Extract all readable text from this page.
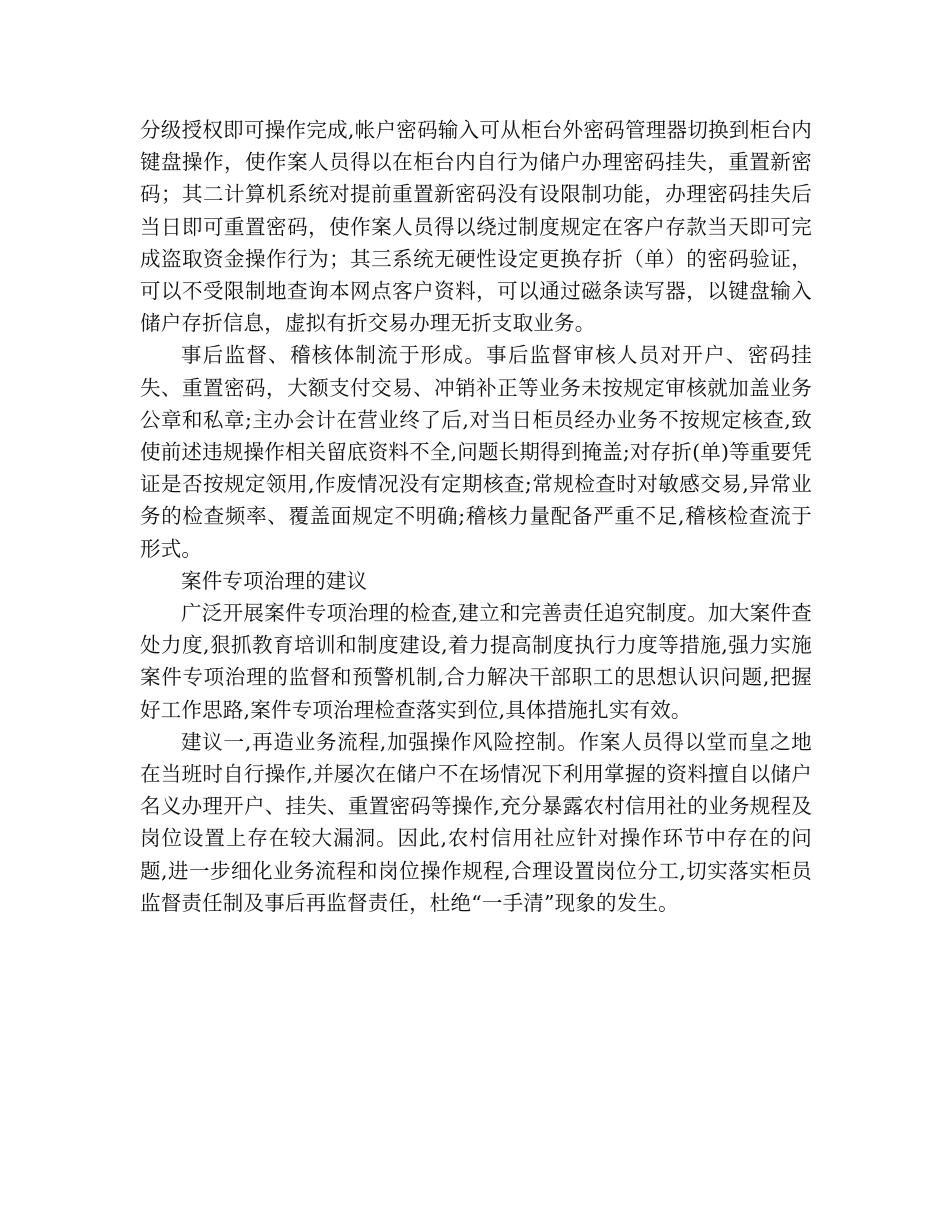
分级授权即可操作完成,帐户密码输入可从柜台外密码管理器切换到柜台内键盘操作，使作案人员得以在柜台内自行为储户办理密码挂失，重置新密码；其二计算机系统对提前重置新密码没有设限制功能，办理密码挂失后当日即可重置密码，使作案人员得以绕过制度规定在客户存款当天即可完成盗取资金操作行为；其三系统无硬性设定更换存折（单）的密码验证，可以不受限制地查询本网点客户资料，可以通过磁条读写器，以键盘输入储户存折信息，虚拟有折交易办理无折支取业务。

事后监督、稽核体制流于形成。事后监督审核人员对开户、密码挂失、重置密码，大额支付交易、冲销补正等业务未按规定审核就加盖业务公章和私章;主办会计在营业终了后,对当日柜员经办业务不按规定核查,致使前述违规操作相关留底资料不全,问题长期得到掩盖;对存折(单)等重要凭证是否按规定领用,作废情况没有定期核查;常规检查时对敏感交易,异常业务的检查频率、覆盖面规定不明确;稽核力量配备严重不足,稽核检查流于形式。

案件专项治理的建议

广泛开展案件专项治理的检查,建立和完善责任追究制度。加大案件查处力度,狠抓教育培训和制度建设,着力提高制度执行力度等措施,强力实施案件专项治理的监督和预警机制,合力解决干部职工的思想认识问题,把握好工作思路,案件专项治理检查落实到位,具体措施扎实有效。

建议一,再造业务流程,加强操作风险控制。作案人员得以堂而皇之地在当班时自行操作,并屡次在储户不在场情况下利用掌握的资料擅自以储户名义办理开户、挂失、重置密码等操作,充分暴露农村信用社的业务规程及岗位设置上存在较大漏洞。因此,农村信用社应针对操作环节中存在的问题,进一步细化业务流程和岗位操作规程,合理设置岗位分工,切实落实柜员监督责任制及事后再监督责任，杜绝“一手清”现象的发生。
